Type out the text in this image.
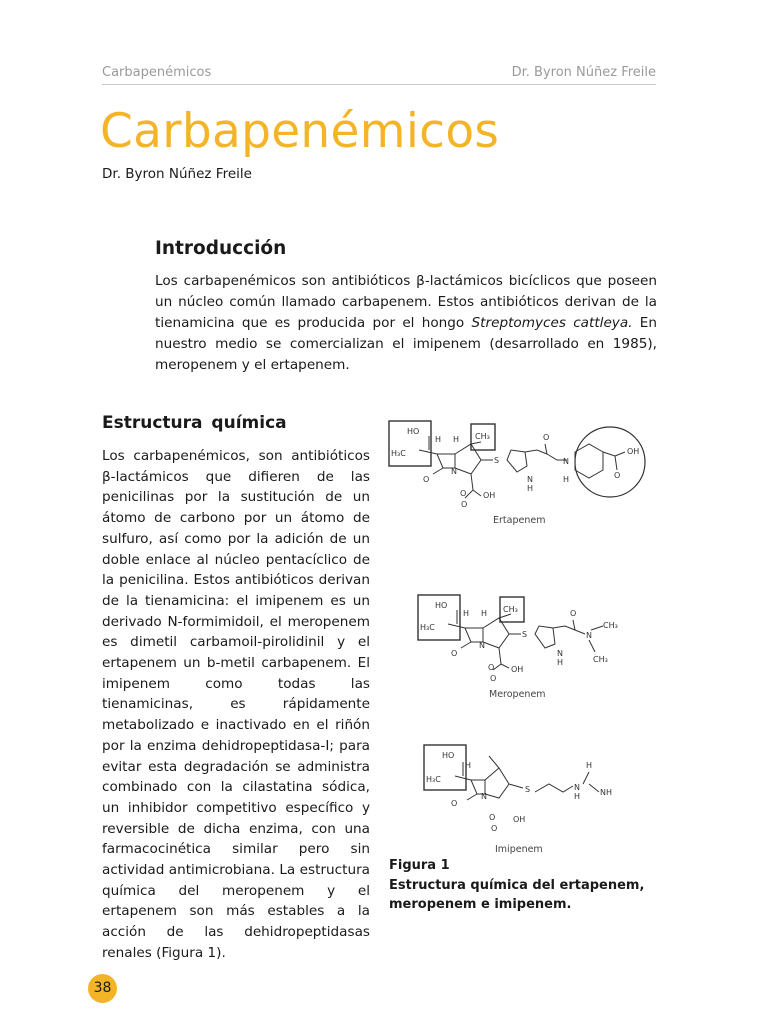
Carbapenémicos	Dr. Byron Núñez Freile
Carbapenémicos
Dr. Byron Núñez Freile
Introducción

Los carbapenémicos son antibióticos β-lactámicos bicíclicos que poseen un núcleo común llamado carbapenem. Estos antibióticos derivan de la tienamicina que es producida por el hongo Streptomyces cattleya. En nuestro medio se comercializan el imipenem (desarrollado en 1985), meropenem y el ertapenem.

Estructura química

Los carbapenémicos, son antibióticos β-lactámicos que difieren de las penicilinas por la sustitución de un átomo de carbono por un átomo de sulfuro, así como por la adición de un doble enlace al núcleo pentacíclico de la penicilina. Estos antibióticos derivan de la tienamicina: el imipenem es un derivado N-formimidoil, el meropenem es dimetil carbamoil-pirolidinil y el ertapenem un b-metil carbapenem. El imipenem como todas las tienamicinas, es rápidamente metabolizado e inactivado en el riñón por la enzima dehidropeptidasa-I; para evitar esta degradación se administra combinado con la cilastatina sódica, un inhibidor competitivo específico y reversible de dicha enzima, con una farmacocinética similar pero sin actividad antimicrobiana. La estructura química del meropenem y el ertapenem son más estables a la acción de las dehidropeptidasas renales (Figura 1).

HO
H₃C
H H CH₃
N
O
S
N
H
O OH
O
O
N
H	O
OH
HO
H₃C
H H CH₃
N
O
S
N
H
O OH
O
O
N
CH₃
CH₃
HO
H₃C
H
N
O
S
O OH
O
H
N
H NH
Ertapenem
Meropenem
Imipenem
Figura 1
Estructura química del ertapenem, meropenem e imipenem.
38
